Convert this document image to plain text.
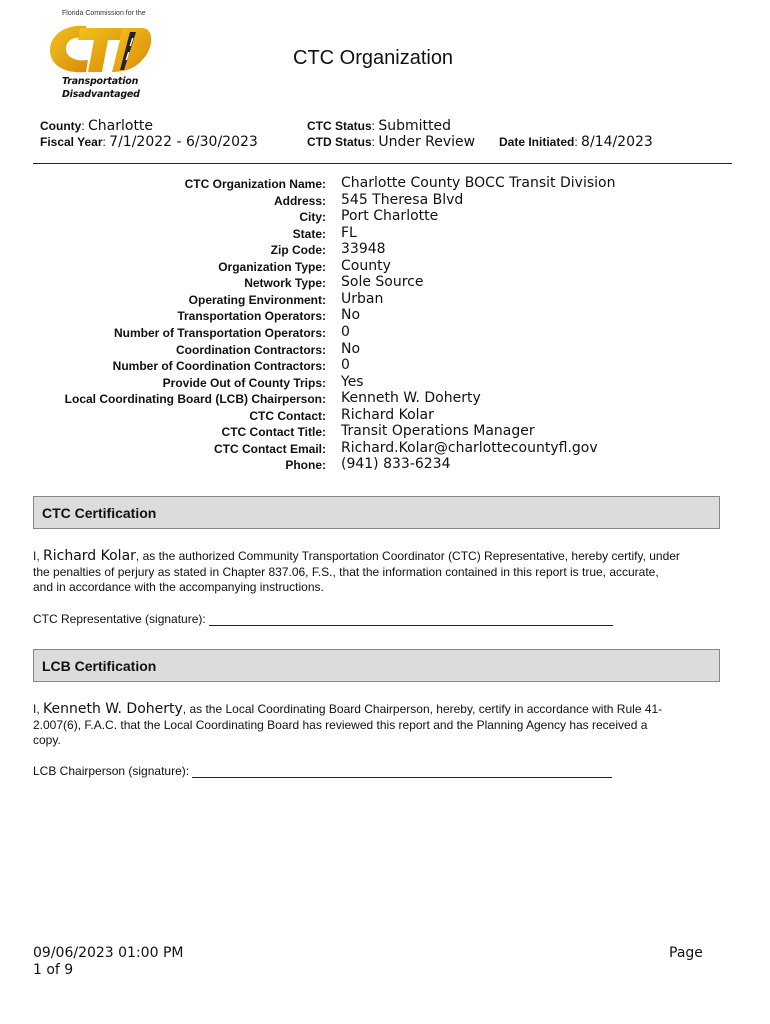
Florida Commission for the
Transportation
Disadvantaged
CTC Organization
County: Charlotte
Fiscal Year: 7/1/2022 - 6/30/2023
CTC Status: Submitted
CTD Status: Under Review Date Initiated: 8/14/2023
CTC Organization Name: Charlotte County BOCC Transit Division
Address: 545 Theresa Blvd
City: Port Charlotte
State: FL
Zip Code: 33948
Organization Type: County
Network Type: Sole Source
Operating Environment: Urban
Transportation Operators: No
Number of Transportation Operators: 0
Coordination Contractors: No
Number of Coordination Contractors: 0
Provide Out of County Trips: Yes
Local Coordinating Board (LCB) Chairperson: Kenneth W. Doherty
CTC Contact: Richard Kolar
CTC Contact Title: Transit Operations Manager
CTC Contact Email: Richard.Kolar@charlottecountyfl.gov
Phone: (941) 833-6234
CTC Certification
I, Richard Kolar, as the authorized Community Transportation Coordinator (CTC) Representative, hereby certify, under
the penalties of perjury as stated in Chapter 837.06, F.S., that the information contained in this report is true, accurate,
and in accordance with the accompanying instructions.
CTC Representative (signature):
LCB Certification
I, Kenneth W. Doherty, as the Local Coordinating Board Chairperson, hereby, certify in accordance with Rule 41-
2.007(6), F.A.C. that the Local Coordinating Board has reviewed this report and the Planning Agency has received a
copy.
LCB Chairperson (signature):
09/06/2023 01:00 PM
1 of 9
Page
